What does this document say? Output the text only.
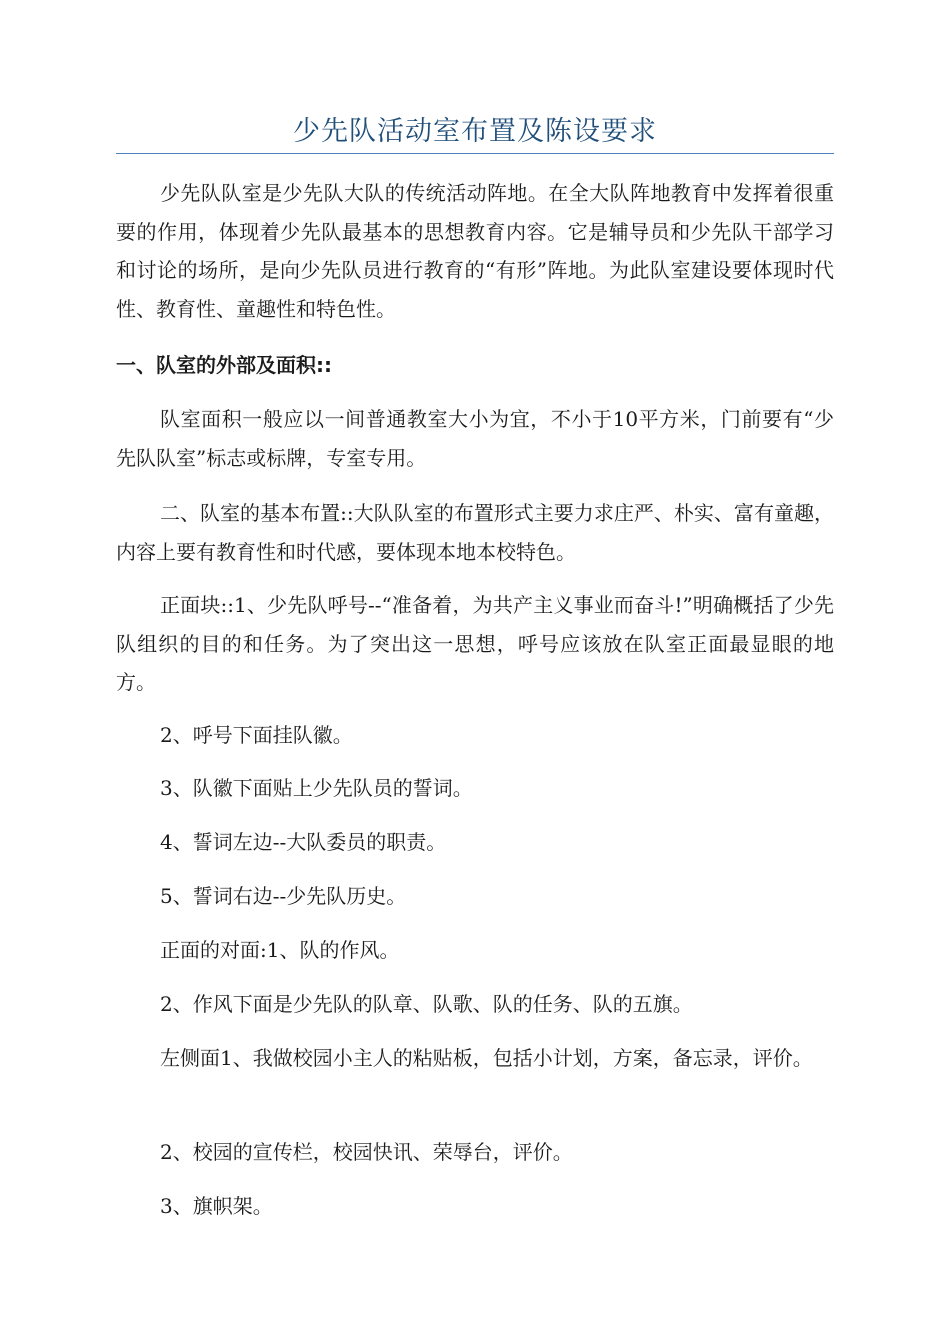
少先队活动室布置及陈设要求

少先队队室是少先队大队的传统活动阵地。在全大队阵地教育中发挥着很重要的作用，体现着少先队最基本的思想教育内容。它是辅导员和少先队干部学习和讨论的场所，是向少先队员进行教育的“有形”阵地。为此队室建设要体现时代性、教育性、童趣性和特色性。

一、队室的外部及面积::

队室面积一般应以一间普通教室大小为宜，不小于10平方米，门前要有“少先队队室”标志或标牌，专室专用。

二、队室的基本布置::大队队室的布置形式主要力求庄严、朴实、富有童趣，内容上要有教育性和时代感，要体现本地本校特色。

正面块::1、少先队呼号--“准备着，为共产主义事业而奋斗!”明确概括了少先队组织的目的和任务。为了突出这一思想，呼号应该放在队室正面最显眼的地方。

2、呼号下面挂队徽。

3、队徽下面贴上少先队员的誓词。

4、誓词左边--大队委员的职责。

5、誓词右边--少先队历史。

正面的对面:1、队的作风。

2、作风下面是少先队的队章、队歌、队的任务、队的五旗。

左侧面1、我做校园小主人的粘贴板，包括小计划，方案，备忘录，评价。

2、校园的宣传栏，校园快讯、荣辱台，评价。

3、旗帜架。
